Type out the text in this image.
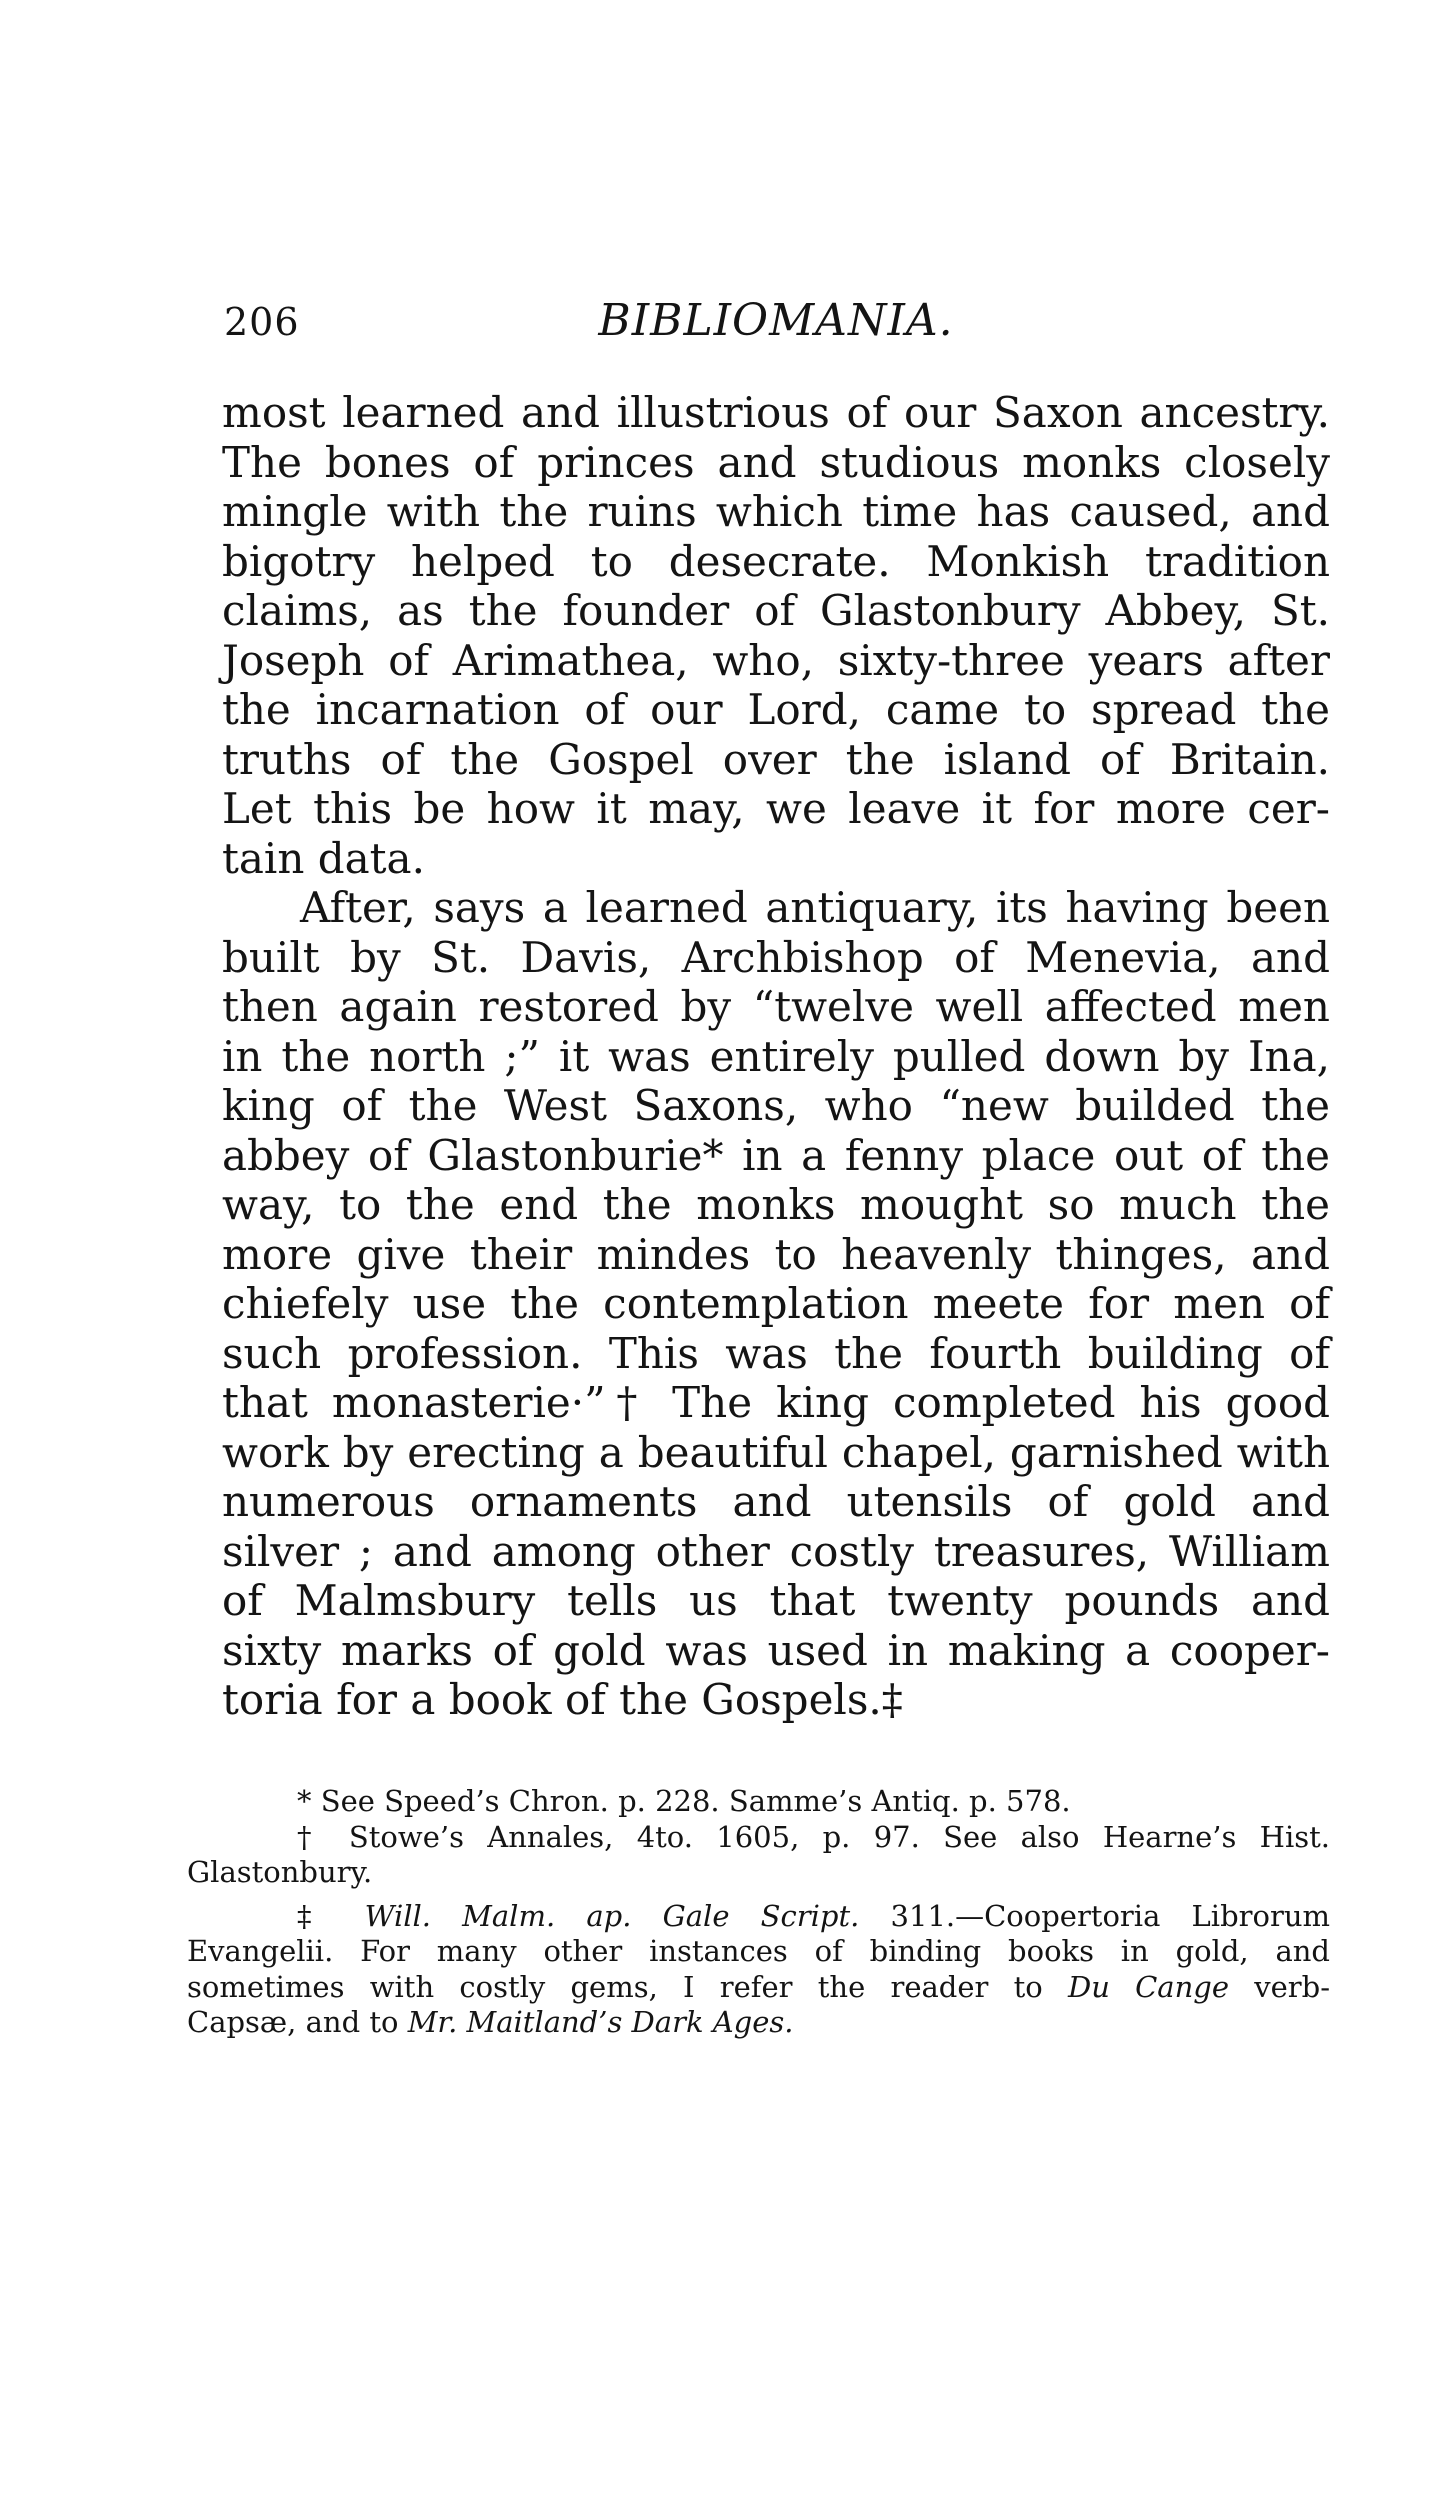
206	BIBLIOMANIA.
most learned and illustrious of our Saxon ancestry.
The bones of princes and studious monks closely
mingle with the ruins which time has caused, and
bigotry helped to desecrate. Monkish tradition
claims, as the founder of Glastonbury Abbey, St.
Joseph of Arimathea, who, sixty-three years after
the incarnation of our Lord, came to spread the
truths of the Gospel over the island of Britain.
Let this be how it may, we leave it for more cer-
tain data.
After, says a learned antiquary, its having been
built by St. Davis, Archbishop of Menevia, and
then again restored by “twelve well affected men
in the north ;” it was entirely pulled down by Ina,
king of the West Saxons, who “new builded the
abbey of Glastonburie* in a fenny place out of the
way, to the end the monks mought so much the
more give their mindes to heavenly thinges, and
chiefely use the contemplation meete for men of
such profession. This was the fourth building of
that monasterie·”† The king completed his good
work by erecting a beautiful chapel, garnished with
numerous ornaments and utensils of gold and
silver ; and among other costly treasures, William
of Malmsbury tells us that twenty pounds and
sixty marks of gold was used in making a cooper-
toria for a book of the Gospels.‡
* See Speed’s Chron. p. 228. Samme’s Antiq. p. 578.
† Stowe’s Annales, 4to. 1605, p. 97. See also Hearne’s Hist.
Glastonbury.
‡ Will. Malm. ap. Gale Script. 311.—Coopertoria Librorum
Evangelii. For many other instances of binding books in gold, and
sometimes with costly gems, I refer the reader to Du Cange verb-
Capsæ, and to Mr. Maitland’s Dark Ages.
